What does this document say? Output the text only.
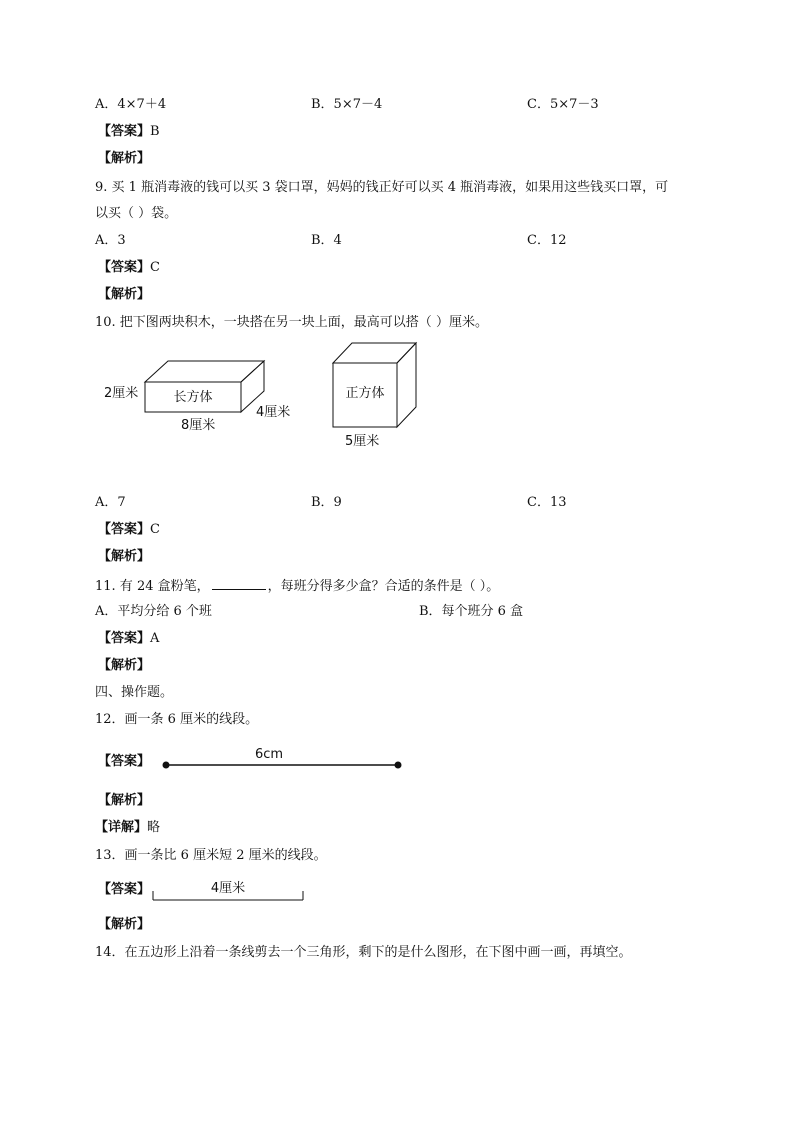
A．4×7＋4	B．5×7－4	C．5×7－3
【答案】B
【解析】
9. 买 1 瓶消毒液的钱可以买 3 袋口罩，妈妈的钱正好可以买 4 瓶消毒液，如果用这些钱买口罩，可
以买（ ）袋。
A．3	B．4	C．12
【答案】C
【解析】
10. 把下图两块积木，一块搭在另一块上面，最高可以搭（ ）厘米。
长方体
2厘米
8厘米
4厘米
正方体
5厘米
A．7	B．9	C．13
【答案】C
【解析】
11. 有 24 盒粉笔，	，每班分得多少盒？合适的条件是（ ）。
A．平均分给 6 个班	B．每个班分 6 盒
【答案】A
【解析】
四、操作题。
12．画一条 6 厘米的线段。
【答案】	6cm
【解析】
【详解】略
13．画一条比 6 厘米短 2 厘米的线段。
【答案】	4厘米
【解析】
14．在五边形上沿着一条线剪去一个三角形，剩下的是什么图形，在下图中画一画，再填空。
